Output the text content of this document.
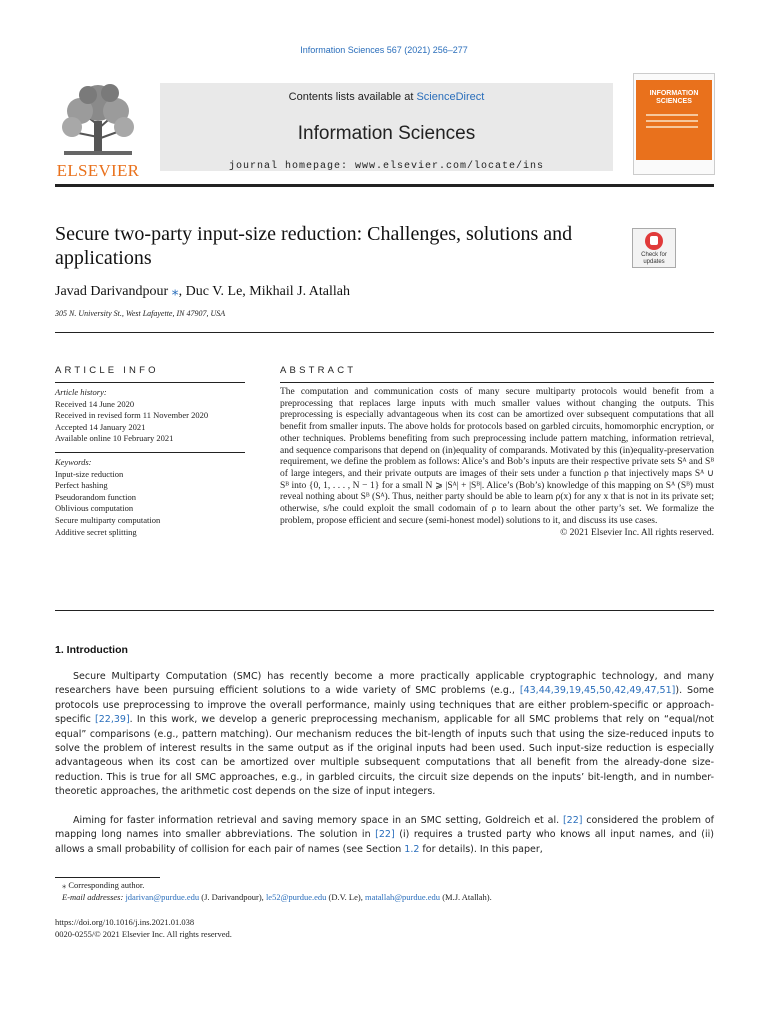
Information Sciences 567 (2021) 256–277
ELSEVIER
Contents lists available at ScienceDirect
Information Sciences
journal homepage: www.elsevier.com/locate/ins
INFORMATION SCIENCES
Secure two-party input-size reduction: Challenges, solutions and applications	Check for updates
Javad Darivandpour ⁎, Duc V. Le, Mikhail J. Atallah
305 N. University St., West Lafayette, IN 47907, USA
ARTICLE INFO

Article history:

Received 14 June 2020

Received in revised form 11 November 2020

Accepted 14 January 2021

Available online 10 February 2021

Keywords:

Input-size reduction

Perfect hashing

Pseudorandom function

Oblivious computation

Secure multiparty computation

Additive secret splitting

ABSTRACT

The computation and communication costs of many secure multiparty protocols would benefit from a preprocessing that replaces large inputs with much smaller values without changing the outputs. This preprocessing is especially advantageous when its cost can be amortized over subsequent computations that all benefit from smaller inputs. The above holds for protocols based on garbled circuits, homomorphic encryption, or other techniques. Problems benefiting from such preprocessing include pattern matching, information retrieval, and sequence comparisons that depend on (in)equality of comparands. Motivated by this (in)equality-preservation requirement, we define the problem as follows: Alice’s and Bob’s inputs are their respective private sets Sᴬ and Sᴮ of large integers, and their private outputs are images of their sets under a function ρ that injectively maps Sᴬ ∪ Sᴮ into {0, 1, . . . , N − 1} for a small N ⩾ |Sᴬ| + |Sᴮ|. Alice’s (Bob’s) knowledge of this mapping on Sᴬ (Sᴮ) must reveal nothing about Sᴮ (Sᴬ). Thus, neither party should be able to learn ρ(x) for any x that is not in its private set; otherwise, s/he could exploit the small codomain of ρ to learn about the other party’s set. We formalize the problem, propose efficient and secure (semi-honest model) solutions to it, and discuss its use cases.

© 2021 Elsevier Inc. All rights reserved.

1. Introduction

Secure Multiparty Computation (SMC) has recently become a more practically applicable cryptographic technology, and many researchers have been pursuing efficient solutions to a wide variety of SMC problems (e.g., [43,44,39,19,45,50,42,49,47,51]). Some protocols use preprocessing to improve the overall performance, mainly using techniques that are either problem-specific or approach-specific [22,39]. In this work, we develop a generic preprocessing mechanism, applicable for all SMC problems that rely on “equal/not equal” comparisons (e.g., pattern matching). Our mechanism reduces the bit-length of inputs such that using the size-reduced inputs to solve the problem of interest results in the same output as if the original inputs had been used. Such input-size reduction is especially advantageous when its cost can be amortized over multiple subsequent computations that all benefit from the already-done size-reduction. This is true for all SMC approaches, e.g., in garbled circuits, the circuit size depends on the inputs’ bit-length, and in number-theoretic approaches, the arithmetic cost depends on the size of input integers.

Aiming for faster information retrieval and saving memory space in an SMC setting, Goldreich et al. [22] considered the problem of mapping long names into smaller abbreviations. The solution in [22] (i) requires a trusted party who knows all input names, and (ii) allows a small probability of collision for each pair of names (see Section 1.2 for details). In this paper,

⁎ Corresponding author.
E-mail addresses: jdarivan@purdue.edu (J. Darivandpour), le52@purdue.edu (D.V. Le), matallah@purdue.edu (M.J. Atallah).
https://doi.org/10.1016/j.ins.2021.01.038
0020-0255/© 2021 Elsevier Inc. All rights reserved.
